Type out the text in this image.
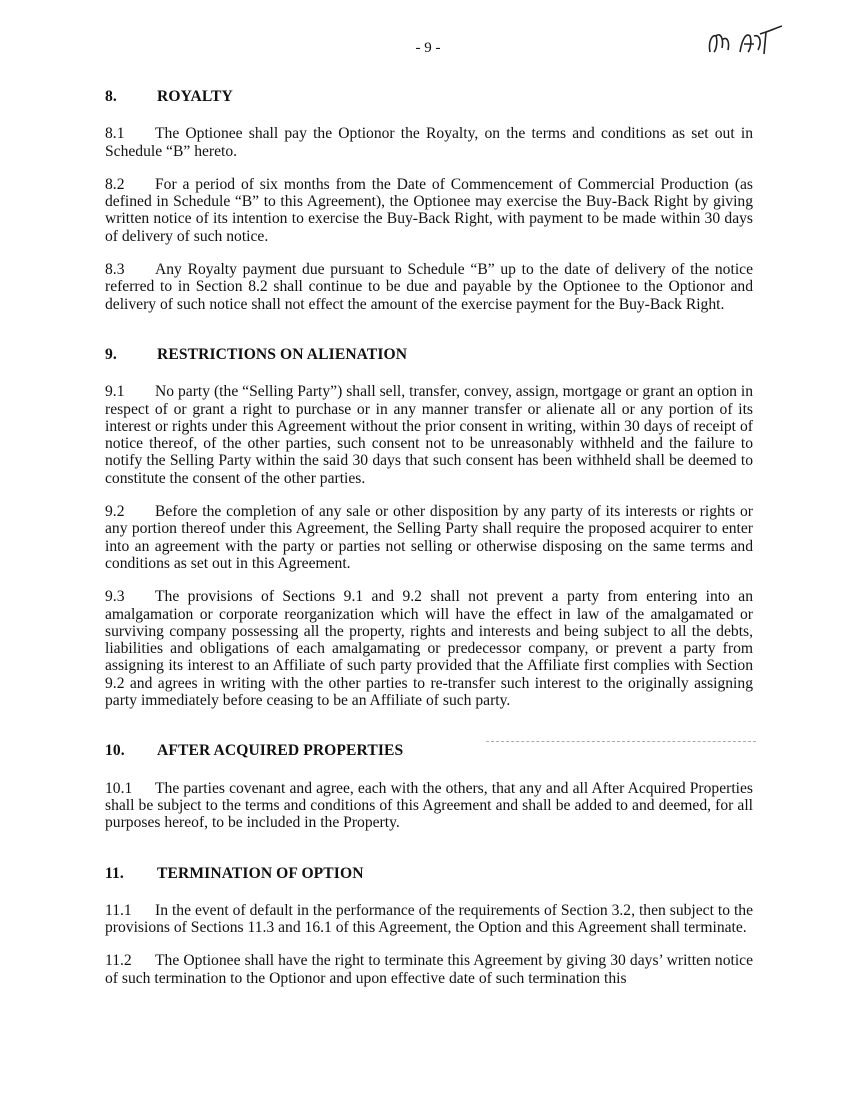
- 9 -
8.	ROYALTY

8.1 The Optionee shall pay the Optionor the Royalty, on the terms and conditions as set out in Schedule “B” hereto.

8.2 For a period of six months from the Date of Commencement of Commercial Production (as defined in Schedule “B” to this Agreement), the Optionee may exercise the Buy-Back Right by giving written notice of its intention to exercise the Buy-Back Right, with payment to be made within 30 days of delivery of such notice.

8.3 Any Royalty payment due pursuant to Schedule “B” up to the date of delivery of the notice referred to in Section 8.2 shall continue to be due and payable by the Optionee to the Optionor and delivery of such notice shall not effect the amount of the exercise payment for the Buy-Back Right.

9.	RESTRICTIONS ON ALIENATION

9.1 No party (the “Selling Party”) shall sell, transfer, convey, assign, mortgage or grant an option in respect of or grant a right to purchase or in any manner transfer or alienate all or any portion of its interest or rights under this Agreement without the prior consent in writing, within 30 days of receipt of notice thereof, of the other parties, such consent not to be unreasonably withheld and the failure to notify the Selling Party within the said 30 days that such consent has been withheld shall be deemed to constitute the consent of the other parties.

9.2 Before the completion of any sale or other disposition by any party of its interests or rights or any portion thereof under this Agreement, the Selling Party shall require the proposed acquirer to enter into an agreement with the party or parties not selling or otherwise disposing on the same terms and conditions as set out in this Agreement.

9.3 The provisions of Sections 9.1 and 9.2 shall not prevent a party from entering into an amalgamation or corporate reorganization which will have the effect in law of the amalgamated or surviving company possessing all the property, rights and interests and being subject to all the debts, liabilities and obligations of each amalgamating or predecessor company, or prevent a party from assigning its interest to an Affiliate of such party provided that the Affiliate first complies with Section 9.2 and agrees in writing with the other parties to re-transfer such interest to the originally assigning party immediately before ceasing to be an Affiliate of such party.

10.	AFTER ACQUIRED PROPERTIES

10.1 The parties covenant and agree, each with the others, that any and all After Acquired Properties shall be subject to the terms and conditions of this Agreement and shall be added to and deemed, for all purposes hereof, to be included in the Property.

11.	TERMINATION OF OPTION

11.1 In the event of default in the performance of the requirements of Section 3.2, then subject to the provisions of Sections 11.3 and 16.1 of this Agreement, the Option and this Agreement shall terminate.

11.2 The Optionee shall have the right to terminate this Agreement by giving 30 days’ written notice of such termination to the Optionor and upon effective date of such termination this
